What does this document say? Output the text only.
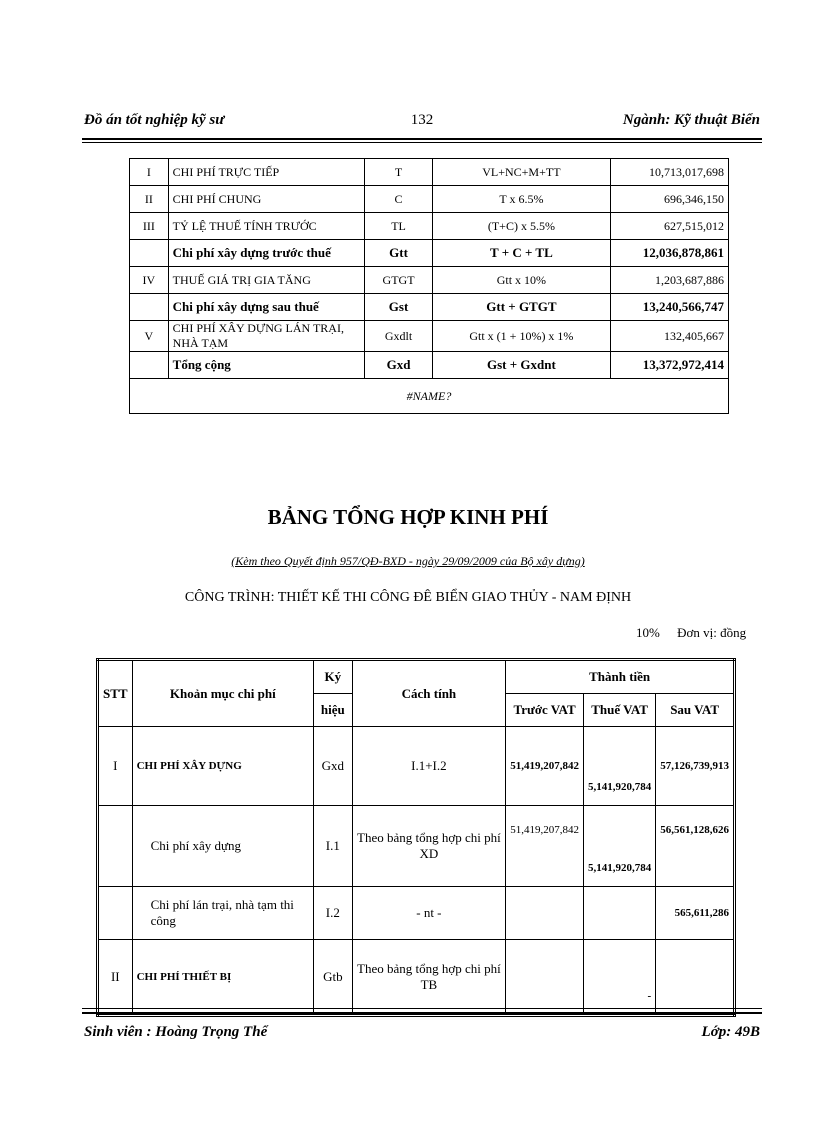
Đồ án tốt nghiệp kỹ sư	132	Ngành: Kỹ thuật Biển
I	CHI PHÍ TRỰC TIẾP	T	VL+NC+M+TT	10,713,017,698
II	CHI PHÍ CHUNG	C	T x 6.5%	696,346,150
III	TỶ LỆ THUẾ TÍNH TRƯỚC	TL	(T+C) x 5.5%	627,515,012
	Chi phí xây dựng trước thuế	Gtt	T + C + TL	12,036,878,861
IV	THUẾ GIÁ TRỊ GIA TĂNG	GTGT	Gtt x 10%	1,203,687,886
	Chi phí xây dựng sau thuế	Gst	Gtt + GTGT	13,240,566,747
V	CHI PHÍ XÂY DỰNG LÁN TRẠI, NHÀ TẠM	Gxdlt	Gtt x (1 + 10%) x 1%	132,405,667
	Tổng cộng	Gxd	Gst + Gxdnt	13,372,972,414
#NAME?				
BẢNG TỔNG HỢP KINH PHÍ
(Kèm theo Quyết định 957/QĐ-BXD - ngày 29/09/2009 của Bộ xây dựng)
CÔNG TRÌNH: THIẾT KẾ THI CÔNG ĐÊ BIỂN GIAO THỦY - NAM ĐỊNH
10% Đơn vị: đồng
STT	Khoản mục chi phí	Ký	Cách tính	Thành tiền		
		hiệu		Trước VAT	Thuế VAT	Sau VAT
I	CHI PHÍ XÂY DỰNG	Gxd	I.1+I.2	51,419,207,842	5,141,920,784	57,126,739,913
	Chi phí xây dựng	I.1	Theo bảng tổng hợp chi phí XD	51,419,207,842	5,141,920,784	56,561,128,626
	Chi phí lán trại, nhà tạm thi công	I.2	- nt -			565,611,286
II	CHI PHÍ THIẾT BỊ	Gtb	Theo bảng tổng hợp chi phí TB		-	
Sinh viên : Hoàng Trọng Thể	Lớp: 49B
